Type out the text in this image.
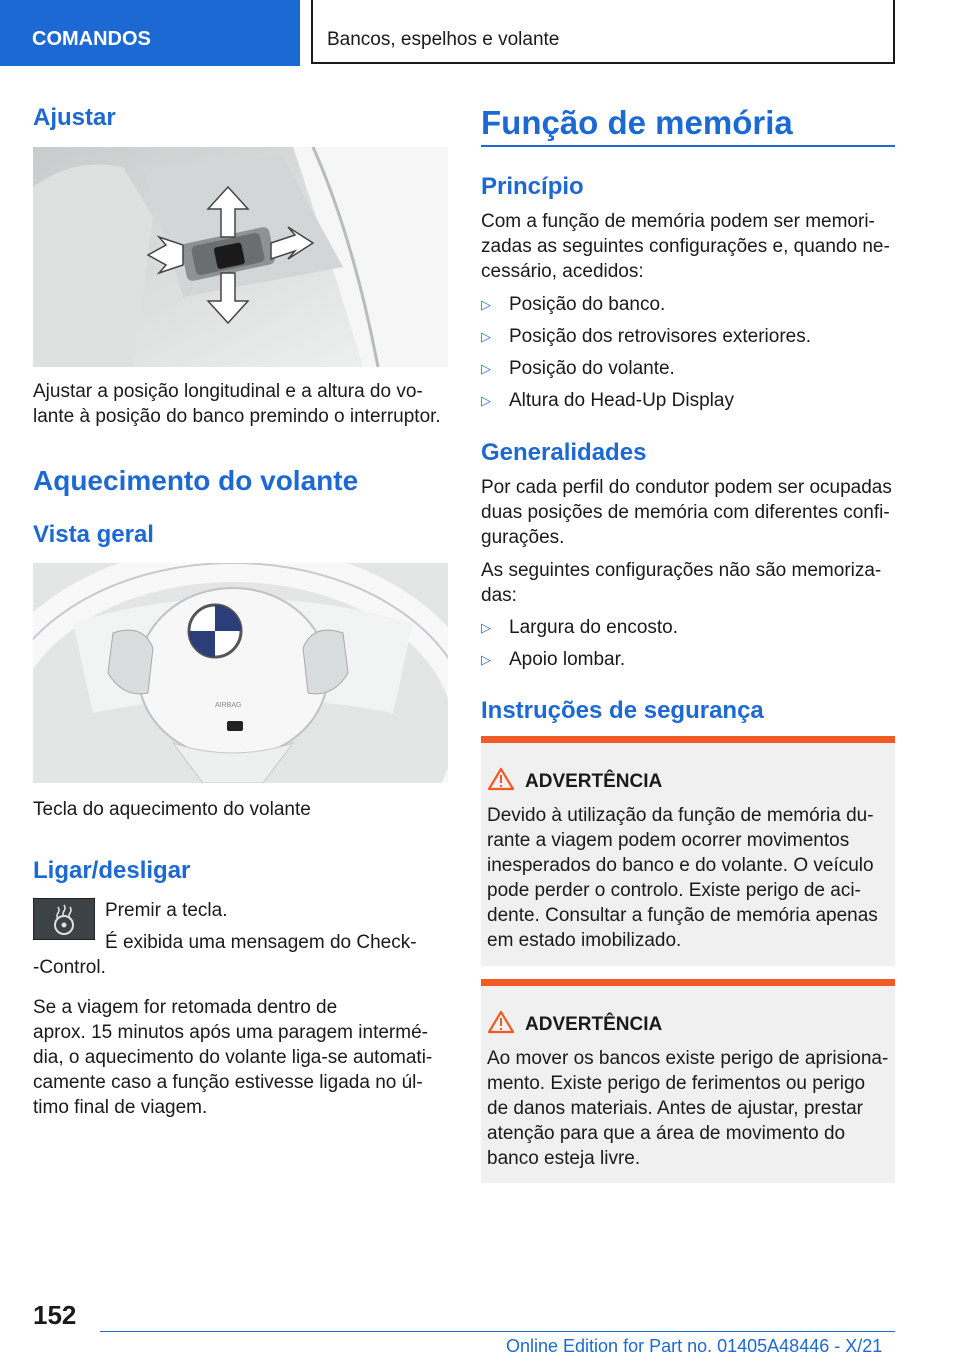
COMANDOS	Bancos, espelhos e volante
Ajustar
Ajustar a posição longitudinal e a altura do vo-
lante à posição do banco premindo o interruptor.
Aquecimento do volante
Vista geral
AIRBAG
Tecla do aquecimento do volante
Ligar/desligar
Premir a tecla.
É exibida uma mensagem do Check-
-Control.
Se a viagem for retomada dentro de
aprox. 15 minutos após uma paragem intermé-
dia, o aquecimento do volante liga-se automati-
camente caso a função estivesse ligada no úl-
timo final de viagem.
Função de memória
Princípio
Com a função de memória podem ser memori-
zadas as seguintes configurações e, quando ne-
cessário, acedidos:
▷ Posição do banco.
▷ Posição dos retrovisores exteriores.
▷ Posição do volante.
▷ Altura do Head-Up Display
Generalidades
Por cada perfil do condutor podem ser ocupadas
duas posições de memória com diferentes confi-
gurações.
As seguintes configurações não são memoriza-
das:
▷ Largura do encosto.
▷ Apoio lombar.
Instruções de segurança
ADVERTÊNCIA
Devido à utilização da função de memória du-
rante a viagem podem ocorrer movimentos
inesperados do banco e do volante. O veículo
pode perder o controlo. Existe perigo de aci-
dente. Consultar a função de memória apenas
em estado imobilizado.
ADVERTÊNCIA
Ao mover os bancos existe perigo de aprisiona-
mento. Existe perigo de ferimentos ou perigo
de danos materiais. Antes de ajustar, prestar
atenção para que a área de movimento do
banco esteja livre.
152
Online Edition for Part no. 01405A48446 - X/21
